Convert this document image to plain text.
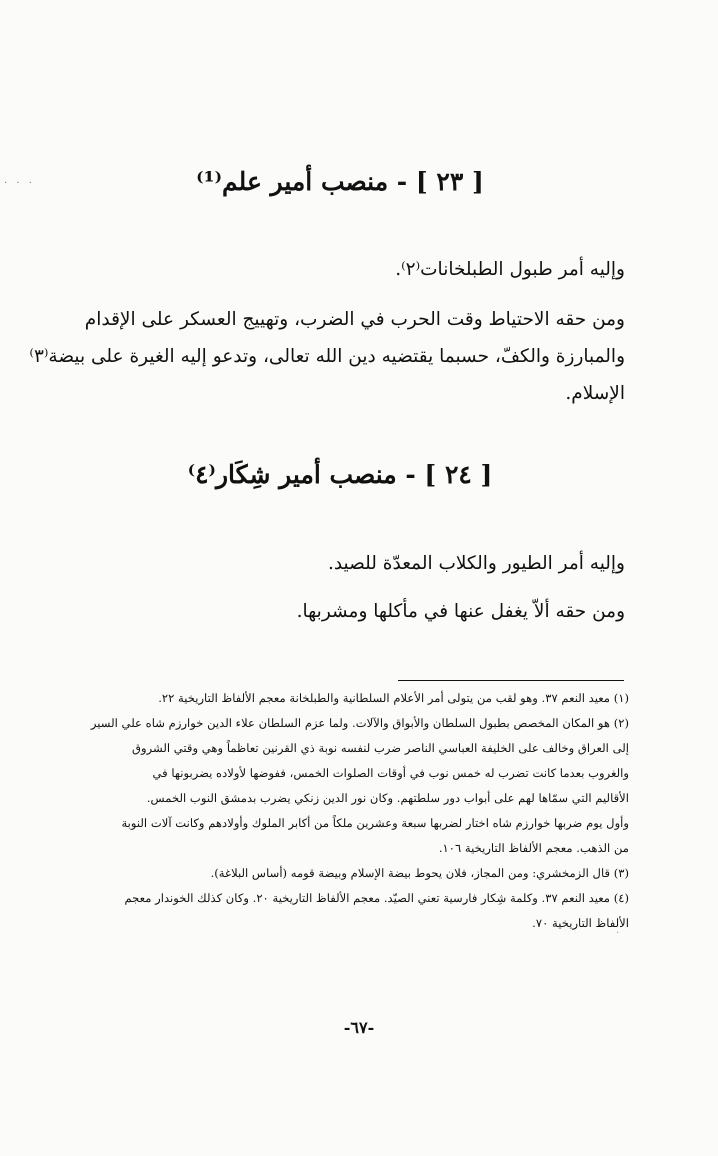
· · ·	[ ٢٣ ] - منصب أمير علم⁽¹⁾
وإليه أمر طبول الطبلخانات⁽٢⁾.
ومن حقه الاحتياط وقت الحرب في الضرب، وتهييج العسكر على الإقدام
والمبارزة والكفّ، حسبما يقتضيه دين الله تعالى، وتدعو إليه الغيرة على بيضة⁽٣⁾
الإسلام.
[ ٢٤ ] - منصب أمير شِكَار⁽٤⁾
وإليه أمر الطيور والكلاب المعدّة للصيد.
ومن حقه ألاّ يغفل عنها في مأكلها ومشربها.
(١) معيد النعم ٣٧. وهو لقب من يتولى أمر الأعلام السلطانية والطبلخانة معجم الألفاظ التاريخية ٢٢.
(٢) هو المكان المخصص بطبول السلطان والأبواق والآلات. ولما عزم السلطان علاء الدين خوارزم شاه علي السير
إلى العراق وخالف على الخليفة العباسي الناصر ضرب لنفسه نوبة ذي القرنين تعاظماً وهي وقتي الشروق
والغروب بعدما كانت تضرب له خمس نوب في أوقات الصلوات الخمس، ففوضها لأولاده يضربونها في
الأقاليم التي سمّاها لهم على أبواب دور سلطتهم. وكان نور الدين زنكي يضرب بدمشق النوب الخمس.
وأول يوم ضربها خوارزم شاه اختار لضربها سبعة وعشرين ملكاً من أكابر الملوك وأولادهم وكانت آلات النوبة
من الذهب. معجم الألفاظ التاريخية ١٠٦.
(٣) قال الزمخشري: ومن المجاز، فلان يحوط بيضة الإسلام وبيضة قومه (أساس البلاغة).
(٤) معيد النعم ٣٧. وكلمة شِكار فارسية تعني الصيّد. معجم الألفاظ التاريخية ٢٠. وكان كذلك الخوندار معجم
الألفاظ التاريخية ٧٠.
·
-٦٧-
